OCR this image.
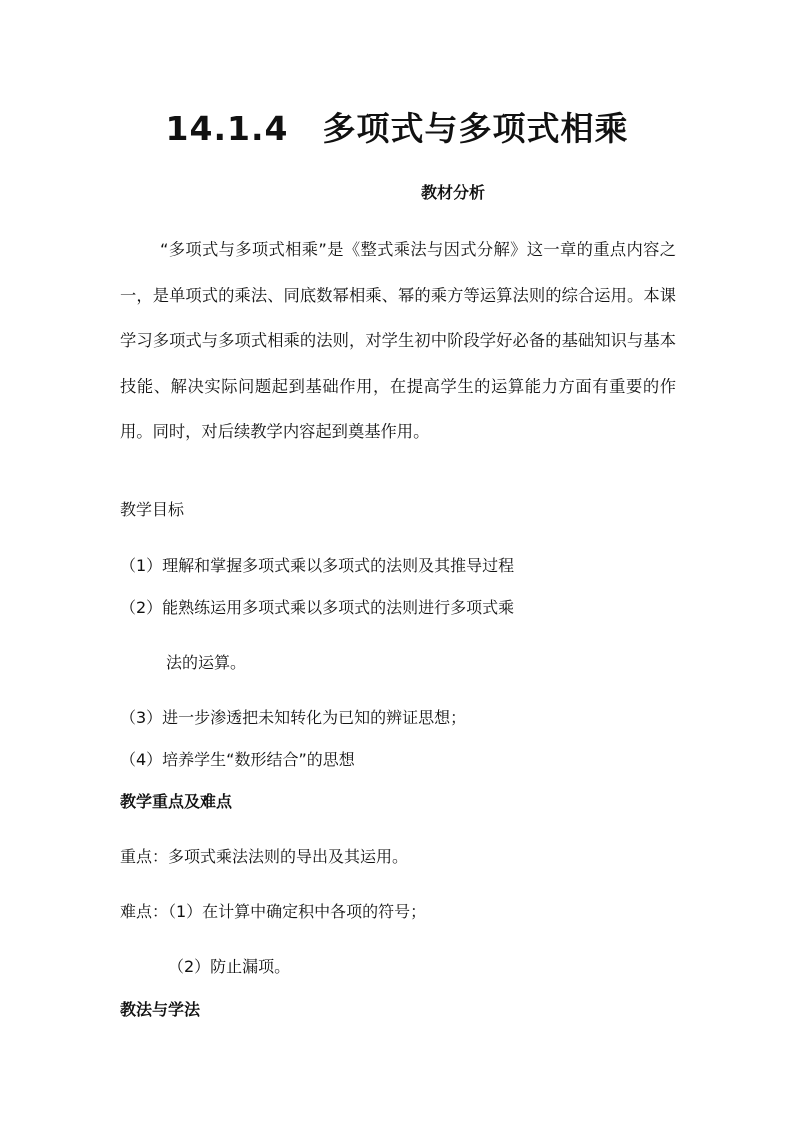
14.1.4 多项式与多项式相乘
教材分析
“多项式与多项式相乘”是《整式乘法与因式分解》这一章的重点内容之一，是单项式的乘法、同底数幂相乘、幂的乘方等运算法则的综合运用。本课学习多项式与多项式相乘的法则，对学生初中阶段学好必备的基础知识与基本技能、解决实际问题起到基础作用，在提高学生的运算能力方面有重要的作用。同时，对后续教学内容起到奠基作用。
教学目标
（1）理解和掌握多项式乘以多项式的法则及其推导过程
（2）能熟练运用多项式乘以多项式的法则进行多项式乘
法的运算。
（3）进一步渗透把未知转化为已知的辨证思想；
（4）培养学生“数形结合”的思想
教学重点及难点
重点：多项式乘法法则的导出及其运用。
难点：（1）在计算中确定积中各项的符号；
（2）防止漏项。
教法与学法
